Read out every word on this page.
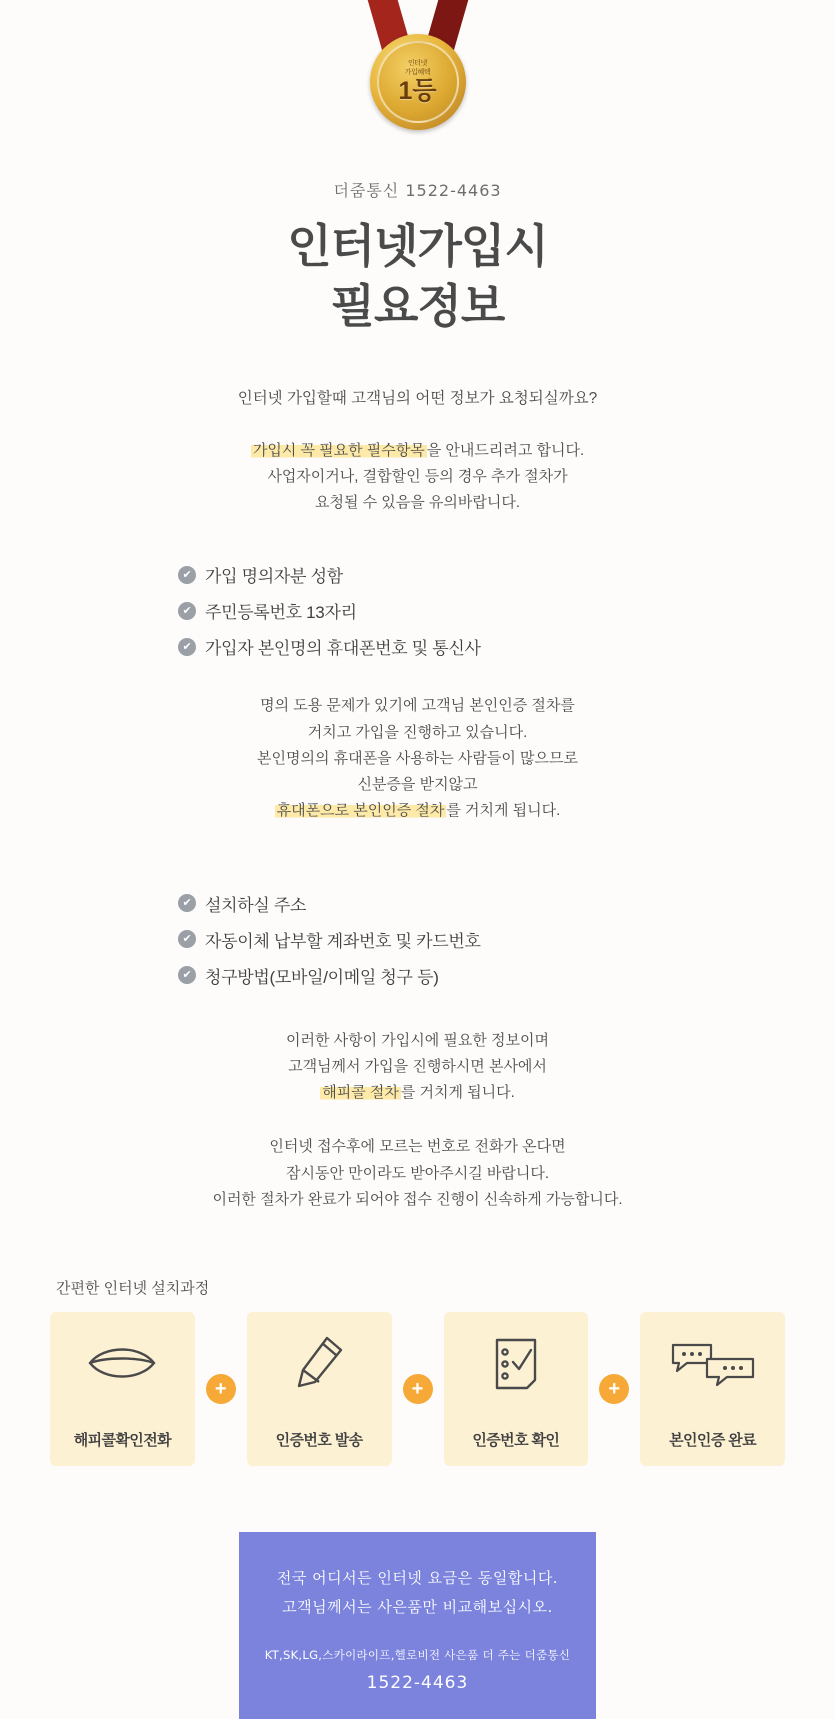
인터넷
가입혜택
1등
더줌통신 1522-4463
인터넷가입시
필요정보
인터넷 가입할때 고객님의 어떤 정보가 요청되실까요?
가입시 꼭 필요한 필수항목 을 안내드리려고 합니다.
사업자이거나, 결합할인 등의 경우 추가 절차가
요청될 수 있음을 유의바랍니다.
✔ 가입 명의자분 성함
✔ 주민등록번호 13자리
✔ 가입자 본인명의 휴대폰번호 및 통신사
명의 도용 문제가 있기에 고객님 본인인증 절차를
거치고 가입을 진행하고 있습니다.
본인명의의 휴대폰을 사용하는 사람들이 많으므로
신분증을 받지않고
휴대폰으로 본인인증 절차 를 거치게 됩니다.
✔ 설치하실 주소
✔ 자동이체 납부할 계좌번호 및 카드번호
✔ 청구방법(모바일/이메일 청구 등)
이러한 사항이 가입시에 필요한 정보이며
고객님께서 가입을 진행하시면 본사에서
해피콜 절차 를 거치게 됩니다.
인터넷 접수후에 모르는 번호로 전화가 온다면
잠시동안 만이라도 받아주시길 바랍니다.
이러한 절차가 완료가 되어야 접수 진행이 신속하게 가능합니다.
간편한 인터넷 설치과정
해피콜확인전화
+
인증번호 발송
+
인증번호 확인
+
본인인증 완료
전국 어디서든 인터넷 요금은 동일합니다.
고객님께서는 사은품만 비교해보십시오.
KT,SK,LG,스카이라이프,헬로비전 사은품 더 주는 더줌통신
1522-4463
